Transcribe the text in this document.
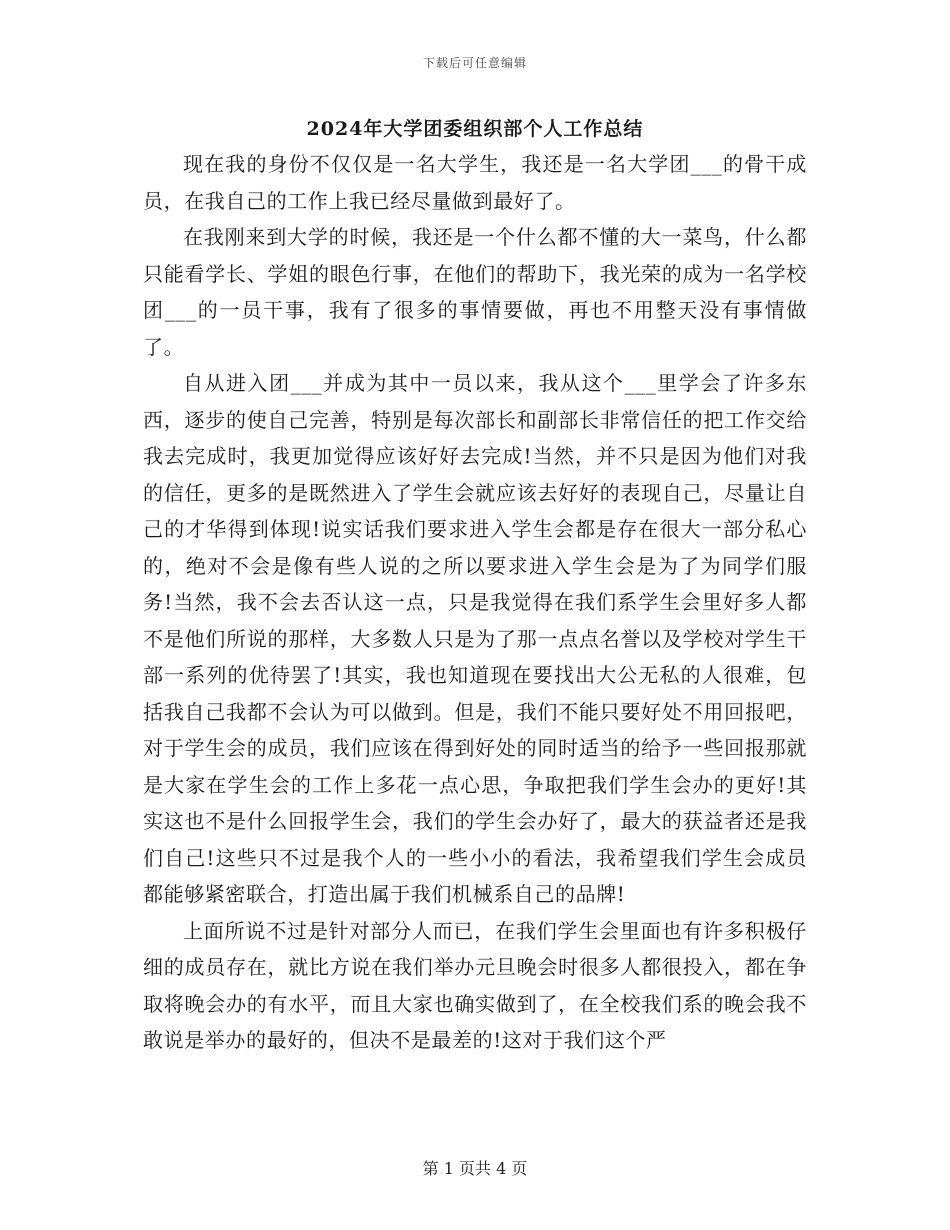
下载后可任意编辑
2024年大学团委组织部个人工作总结

现在我的身份不仅仅是一名大学生，我还是一名大学团___的骨干成员，在我自己的工作上我已经尽量做到最好了。

在我刚来到大学的时候，我还是一个什么都不懂的大一菜鸟，什么都只能看学长、学姐的眼色行事，在他们的帮助下，我光荣的成为一名学校团___的一员干事，我有了很多的事情要做，再也不用整天没有事情做了。

自从进入团___并成为其中一员以来，我从这个___里学会了许多东西，逐步的使自己完善，特别是每次部长和副部长非常信任的把工作交给我去完成时，我更加觉得应该好好去完成!当然，并不只是因为他们对我的信任，更多的是既然进入了学生会就应该去好好的表现自己，尽量让自己的才华得到体现!说实话我们要求进入学生会都是存在很大一部分私心的，绝对不会是像有些人说的之所以要求进入学生会是为了为同学们服务!当然，我不会去否认这一点，只是我觉得在我们系学生会里好多人都不是他们所说的那样，大多数人只是为了那一点点名誉以及学校对学生干部一系列的优待罢了!其实，我也知道现在要找出大公无私的人很难，包括我自己我都不会认为可以做到。但是，我们不能只要好处不用回报吧，对于学生会的成员，我们应该在得到好处的同时适当的给予一些回报那就是大家在学生会的工作上多花一点心思，争取把我们学生会办的更好!其实这也不是什么回报学生会，我们的学生会办好了，最大的获益者还是我们自己!这些只不过是我个人的一些小小的看法，我希望我们学生会成员都能够紧密联合，打造出属于我们机械系自己的品牌!

上面所说不过是针对部分人而已，在我们学生会里面也有许多积极仔细的成员存在，就比方说在我们举办元旦晚会时很多人都很投入，都在争取将晚会办的有水平，而且大家也确实做到了，在全校我们系的晚会我不敢说是举办的最好的，但决不是最差的!这对于我们这个严

第 1 页共 4 页
